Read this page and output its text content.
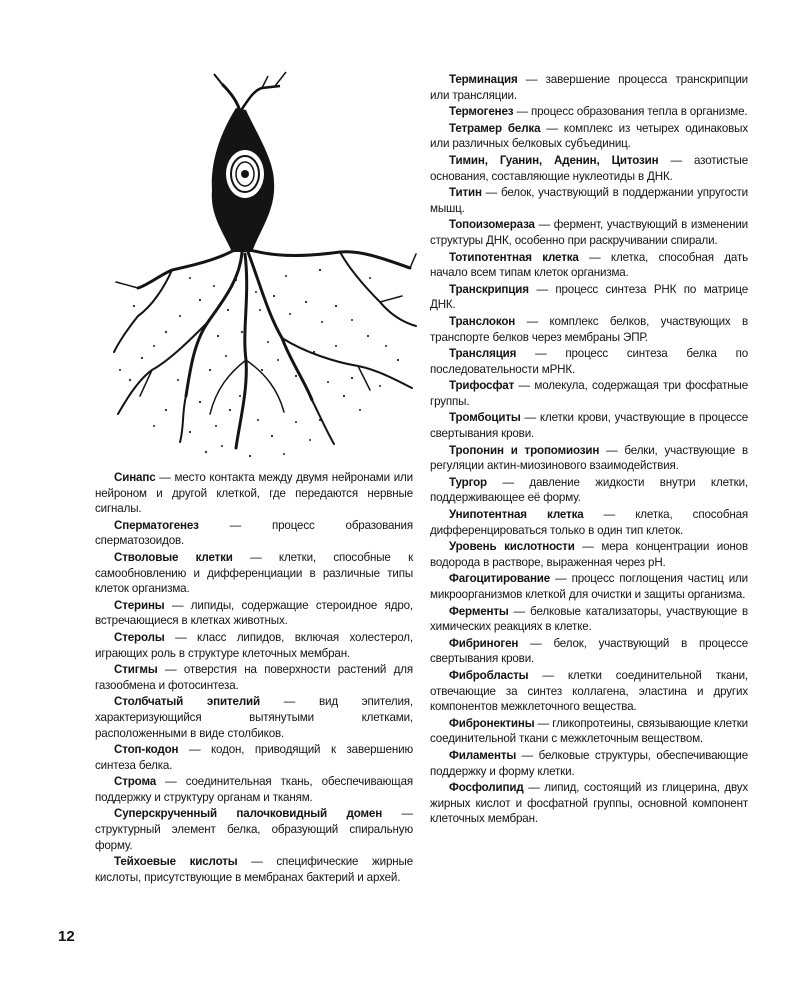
Синапс — место контакта между двумя нейронами или нейроном и другой клеткой, где передаются нервные сигналы.

Сперматогенез — процесс образования сперматозоидов.

Стволовые клетки — клетки, способные к самообновлению и дифференциации в различные типы клеток организма.

Стерины — липиды, содержащие стероидное ядро, встречающиеся в клетках животных.

Стеролы — класс липидов, включая холестерол, играющих роль в структуре клеточных мембран.

Стигмы — отверстия на поверхности растений для газообмена и фотосинтеза.

Столбчатый эпителий — вид эпителия, характеризующийся вытянутыми клетками, расположенными в виде столбиков.

Стоп-кодон — кодон, приводящий к завершению синтеза белка.

Строма — соединительная ткань, обеспечивающая поддержку и структуру органам и тканям.

Суперскрученный палочковидный домен — структурный элемент белка, образующий спиральную форму.

Тейхоевые кислоты — специфические жирные кислоты, присутствующие в мембранах бактерий и архей.

Терминация — завершение процесса транскрипции или трансляции.

Термогенез — процесс образования тепла в организме.

Тетрамер белка — комплекс из четырех одинаковых или различных белковых субъединиц.

Тимин, Гуанин, Аденин, Цитозин — азотистые основания, составляющие нуклеотиды в ДНК.

Титин — белок, участвующий в поддержании упругости мышц.

Топоизомераза — фермент, участвующий в изменении структуры ДНК, особенно при раскручивании спирали.

Тотипотентная клетка — клетка, способная дать начало всем типам клеток организма.

Транскрипция — процесс синтеза РНК по матрице ДНК.

Транслокон — комплекс белков, участвующих в транспорте белков через мембраны ЭПР.

Трансляция — процесс синтеза белка по последовательности мРНК.

Трифосфат — молекула, содержащая три фосфатные группы.

Тромбоциты — клетки крови, участвующие в процессе свертывания крови.

Тропонин и тропомиозин — белки, участвующие в регуляции актин-миозинового взаимодействия.

Тургор — давление жидкости внутри клетки, поддерживающее её форму.

Унипотентная клетка — клетка, способная дифференцироваться только в один тип клеток.

Уровень кислотности — мера концентрации ионов водорода в растворе, выраженная через pH.

Фагоцитирование — процесс поглощения частиц или микроорганизмов клеткой для очистки и защиты организма.

Ферменты — белковые катализаторы, участвующие в химических реакциях в клетке.

Фибриноген — белок, участвующий в процессе свертывания крови.

Фибробласты — клетки соединительной ткани, отвечающие за синтез коллагена, эластина и других компонентов межклеточного вещества.

Фибронектины — гликопротеины, связывающие клетки соединительной ткани с межклеточным веществом.

Филаменты — белковые структуры, обеспечивающие поддержку и форму клетки.

Фосфолипид — липид, состоящий из глицерина, двух жирных кислот и фосфатной группы, основной компонент клеточных мембран.

12
